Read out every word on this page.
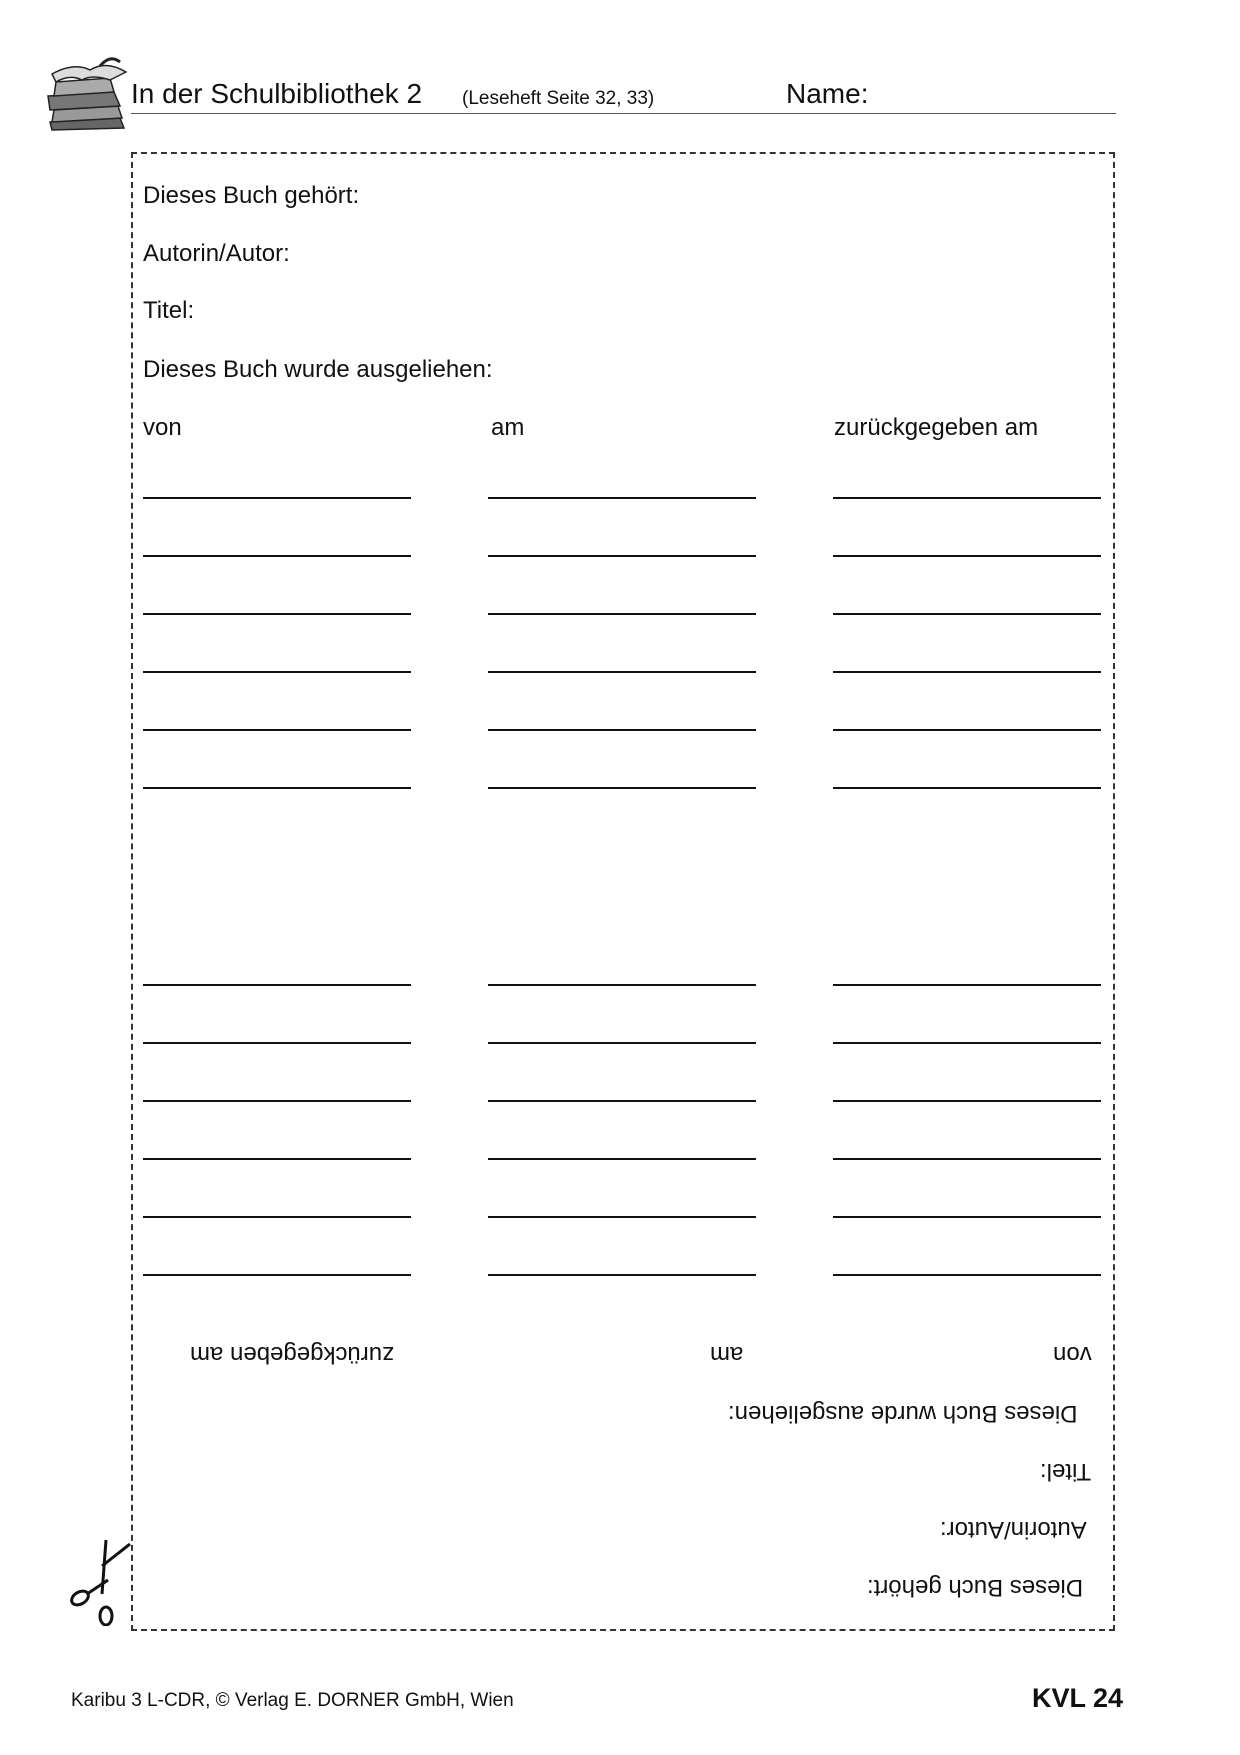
In der Schulbibliothek 2 (Leseheft Seite 32, 33)	Name:
Dieses Buch gehört:
Autorin/Autor:
Titel:
Dieses Buch wurde ausgeliehen:
von	am	zurückgegeben am
zurückgegeben am	am	von
Dieses Buch wurde ausgeliehen:
Titel:
Autorin/Autor:
Dieses Buch gehört:
Karibu 3 L-CDR, © Verlag E. DORNER GmbH, Wien	KVL 24
